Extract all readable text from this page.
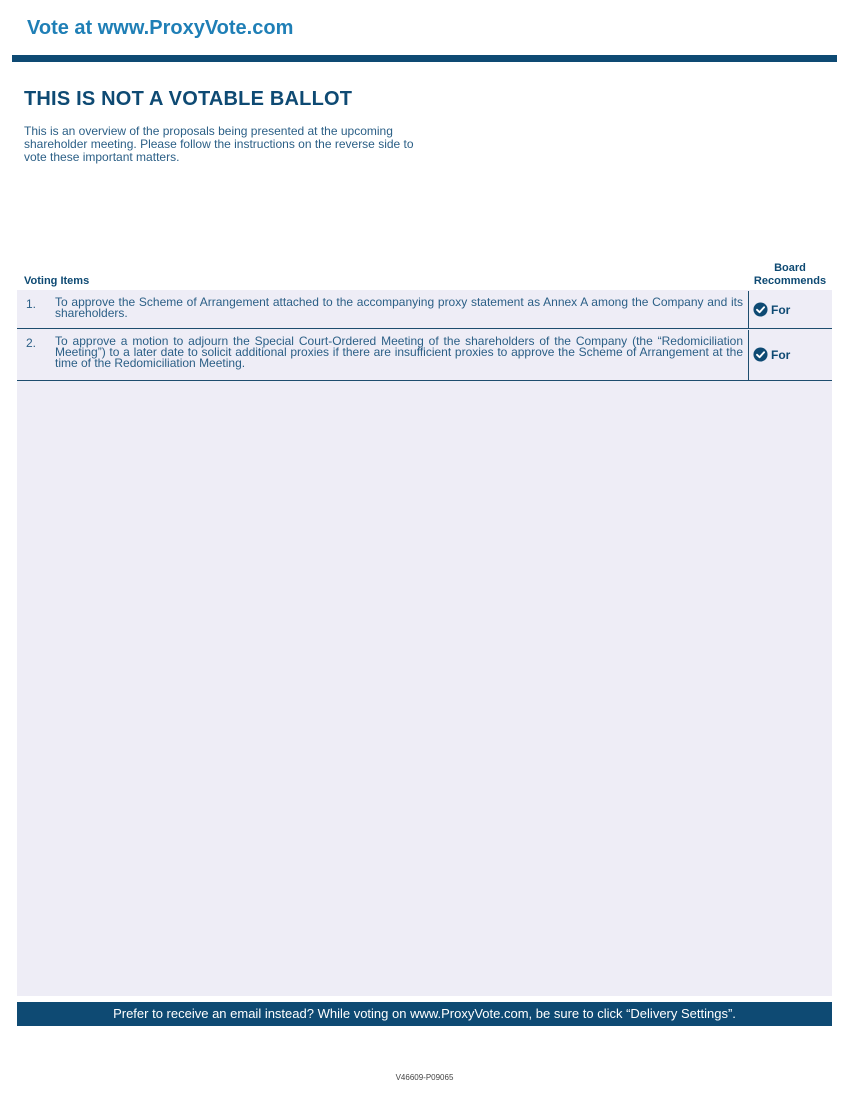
Vote at www.ProxyVote.com
THIS IS NOT A VOTABLE BALLOT
This is an overview of the proposals being presented at the upcoming shareholder meeting. Please follow the instructions on the reverse side to vote these important matters.
Board
Recommends
Voting Items
1. To approve the Scheme of Arrangement attached to the accompanying proxy statement as Annex A among the Company and its shareholders.	For
2. To approve a motion to adjourn the Special Court-Ordered Meeting of the shareholders of the Company (the “Redomiciliation Meeting”) to a later date to solicit additional proxies if there are insufficient proxies to approve the Scheme of Arrangement at the time of the Redomiciliation Meeting.
For
Prefer to receive an email instead? While voting on www.ProxyVote.com, be sure to click “Delivery Settings”.
V46609-P09065
